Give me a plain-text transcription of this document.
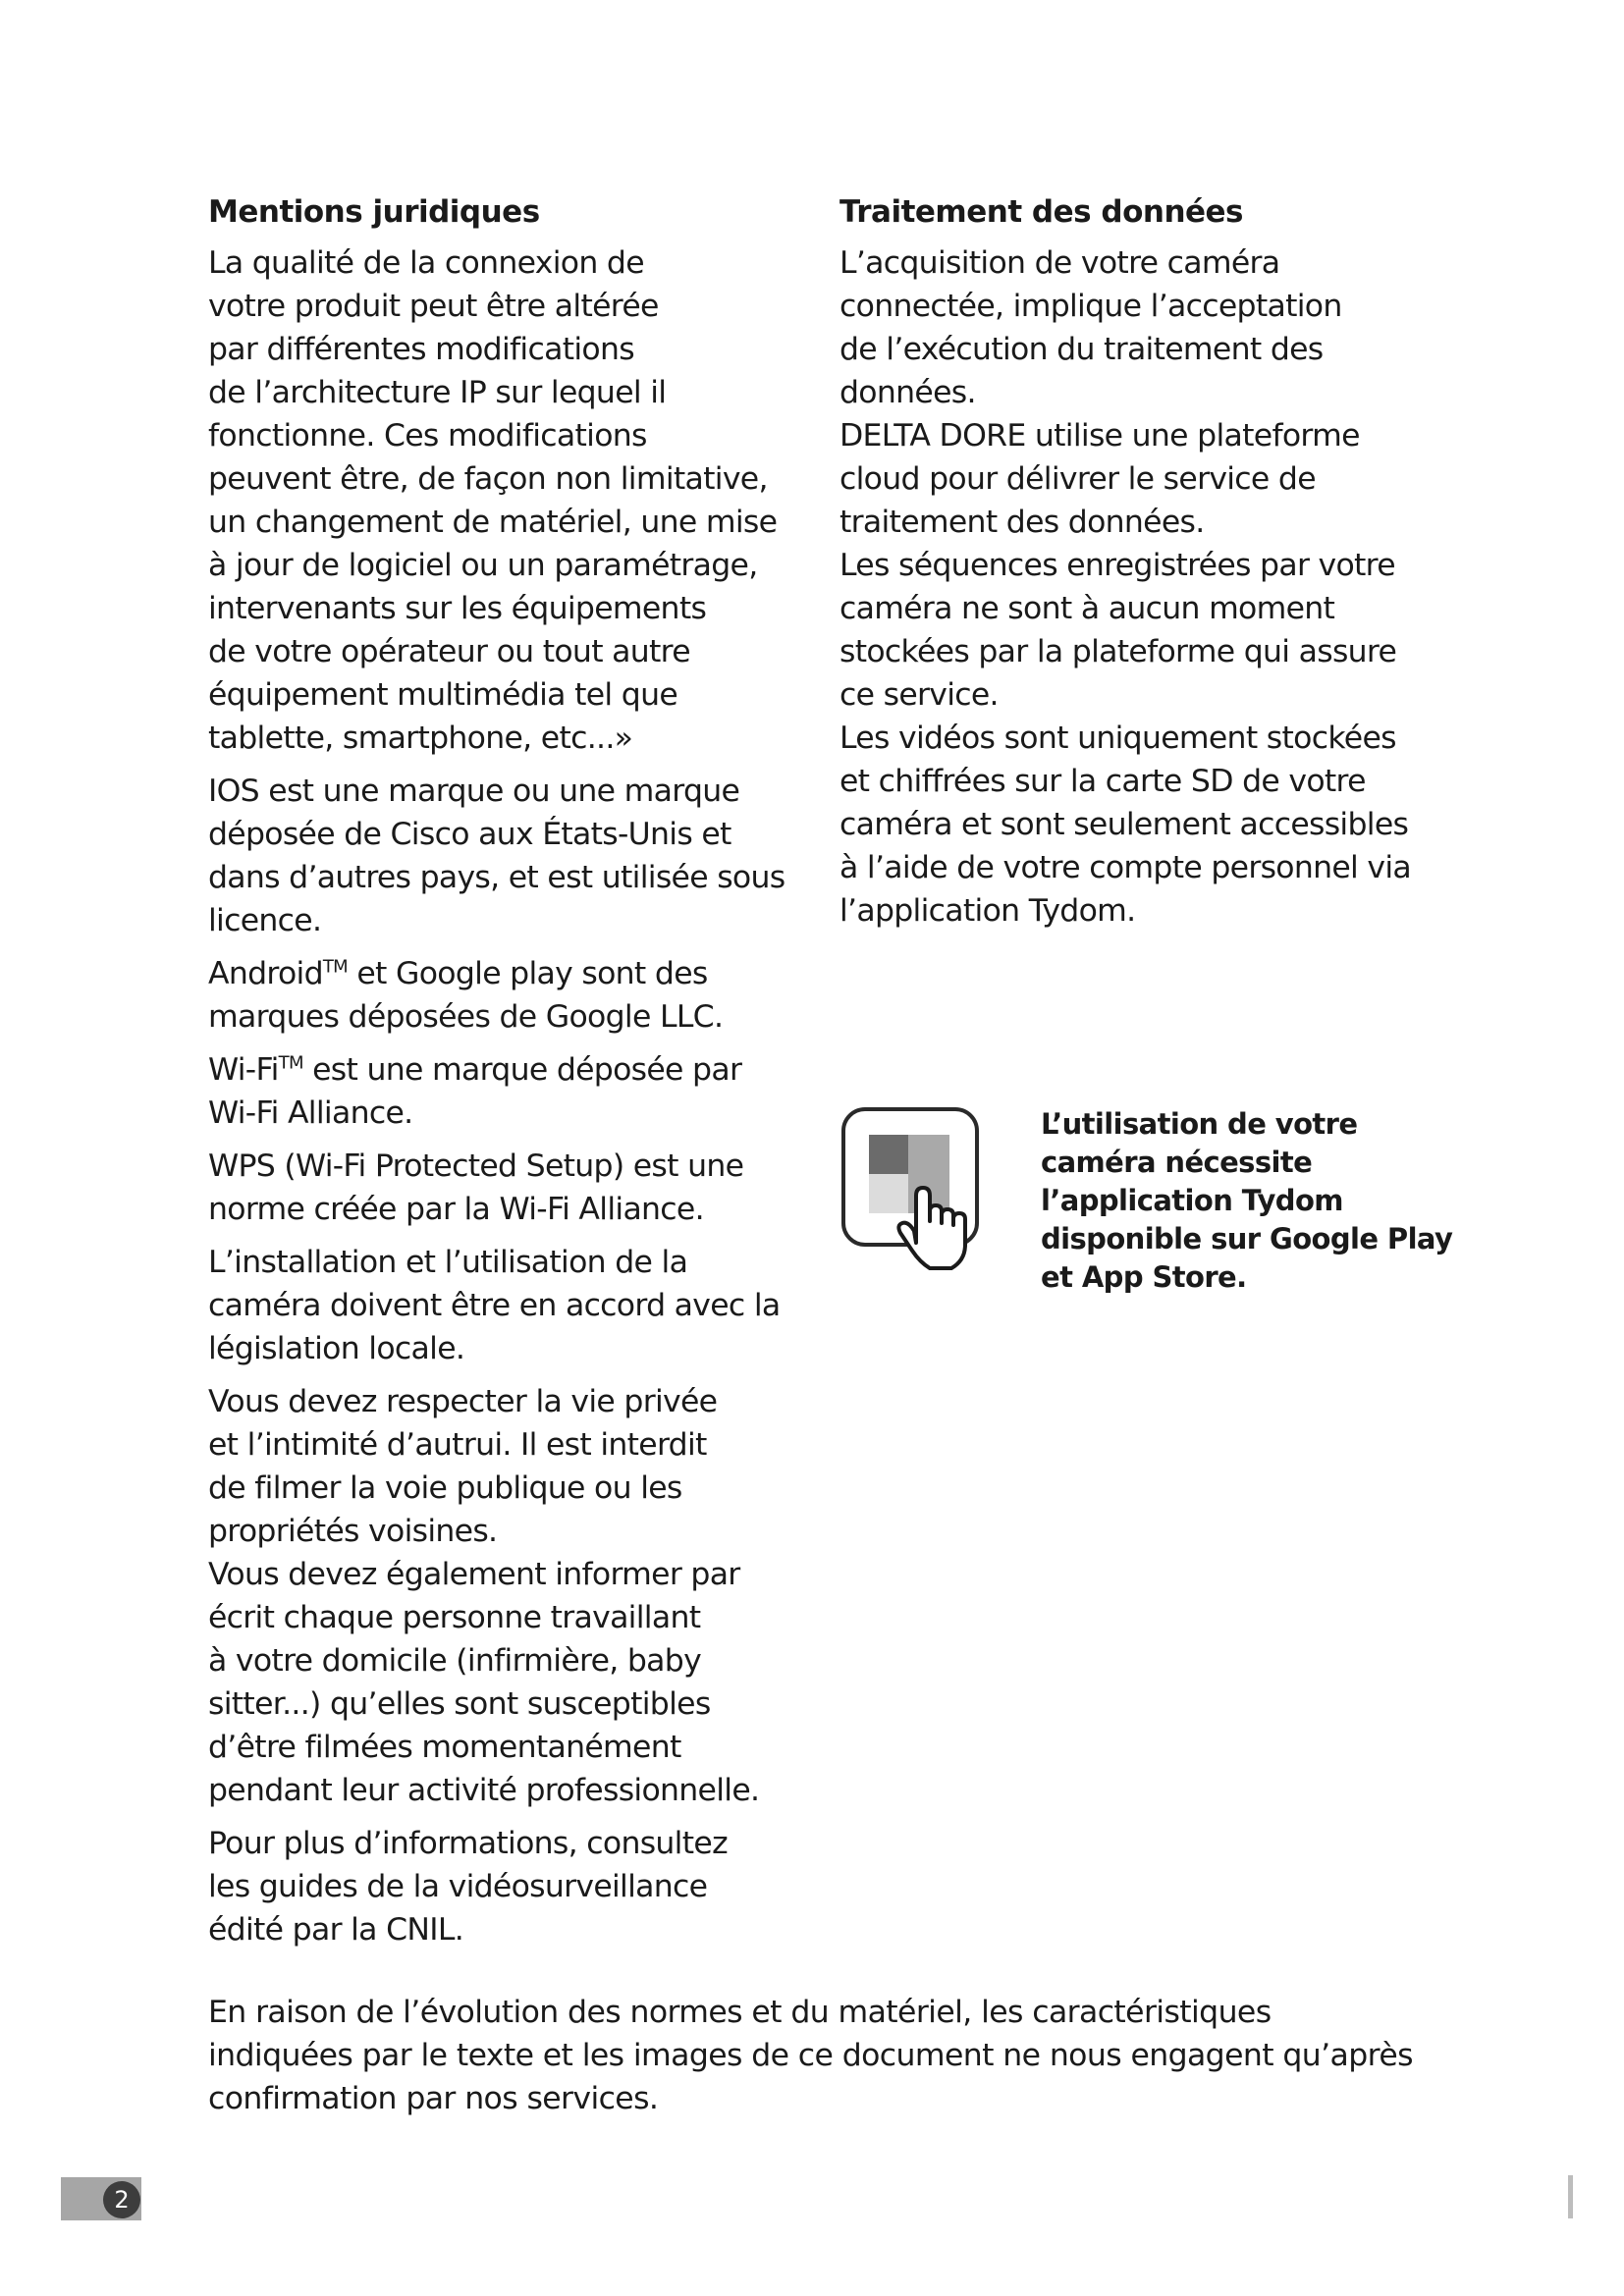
Mentions juridiques

La qualité de la connexion de
votre produit peut être altérée
par différentes modifications
de l’architecture IP sur lequel il
fonctionne. Ces modifications
peuvent être, de façon non limitative,
un changement de matériel, une mise
à jour de logiciel ou un paramétrage,
intervenants sur les équipements
de votre opérateur ou tout autre
équipement multimédia tel que
tablette, smartphone, etc...»

IOS est une marque ou une marque
déposée de Cisco aux États-Unis et
dans d’autres pays, et est utilisée sous
licence.

Android™ et Google play sont des
marques déposées de Google LLC.

Wi-Fi™ est une marque déposée par
Wi-Fi Alliance.

WPS (Wi-Fi Protected Setup) est une
norme créée par la Wi-Fi Alliance.

L’installation et l’utilisation de la
caméra doivent être en accord avec la
législation locale.

Vous devez respecter la vie privée
et l’intimité d’autrui. Il est interdit
de filmer la voie publique ou les
propriétés voisines.

Vous devez également informer par
écrit chaque personne travaillant
à votre domicile (infirmière, baby
sitter...) qu’elles sont susceptibles
d’être filmées momentanément
pendant leur activité professionnelle.

Pour plus d’informations, consultez
les guides de la vidéosurveillance
édité par la CNIL.

Traitement des données

L’acquisition de votre caméra
connectée, implique l’acceptation
de l’exécution du traitement des
données.

DELTA DORE utilise une plateforme
cloud pour délivrer le service de
traitement des données.

Les séquences enregistrées par votre
caméra ne sont à aucun moment
stockées par la plateforme qui assure
ce service.

Les vidéos sont uniquement stockées
et chiffrées sur la carte SD de votre
caméra et sont seulement accessibles
à l’aide de votre compte personnel via
l’application Tydom.

L’utilisation de votre
caméra nécessite
l’application Tydom
disponible sur Google Play
et App Store.

En raison de l’évolution des normes et du matériel, les caractéristiques
indiquées par le texte et les images de ce document ne nous engagent qu’après
confirmation par nos services.

2
